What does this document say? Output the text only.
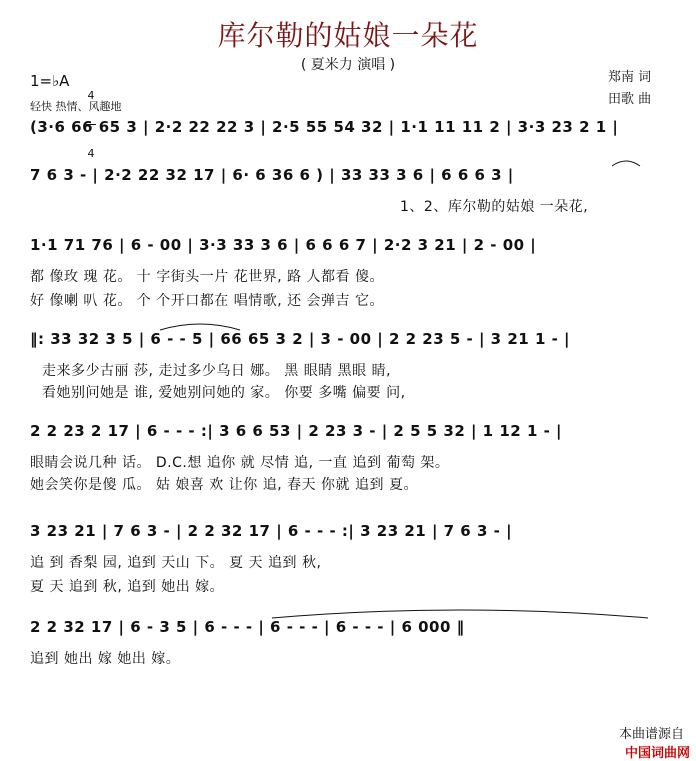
库尔勒的姑娘一朵花
( 夏米力 演唱 )
郑南 词
田歌 曲
1=♭A

4

4

轻快 热情、风趣地
(3·6 66 65 3 | 2·2 22 22 3 | 2·5 55 54 32 | 1·1 11 11 2 | 3·3 23 2 1 |
7 6 3 - | 2·2 22 32 17 | 6· 6 36 6 ) | 33 33 3 6 | 6 6 6 3 |
1、2、库尔勒的姑娘 一朵花,
1·1 71 76 | 6 - 00 | 3·3 33 3 6 | 6 6 6 7 | 2·2 3 21 | 2 - 00 |
都 像玫 瑰 花。 十 字街头一片 花世界, 路 人都看 傻。
好 像喇 叭 花。 个 个开口都在 唱情歌, 还 会弹吉 它。
‖: 33 32 3 5 | 6 - - 5 | 66 65 3 2 | 3 - 00 | 2 2 23 5 - | 3 21 1 - |
走来多少古丽 莎, 走过多少乌日 娜。 黑 眼睛 黑眼 睛,
看她别问她是 谁, 爱她别问她的 家。 你要 多嘴 偏要 问,
2 2 23 2 17 | 6 - - - :| 3 6 6 53 | 2 23 3 - | 2 5 5 32 | 1 12 1 - |
眼睛会说几种 话。 D.C.想 追你 就 尽情 追, 一直 追到 葡萄 架。
她会笑你是傻 瓜。 姑 娘喜 欢 让你 追, 春天 你就 追到 夏。
3 23 21 | 7 6 3 - | 2 2 32 17 | 6 - - - :| 3 23 21 | 7 6 3 - |
追 到 香梨 园, 追到 天山 下。 夏 天 追到 秋,
夏 天 追到 秋, 追到 她出 嫁。
2 2 32 17 | 6 - 3 5 | 6 - - - | 6 - - - | 6 - - - | 6 000 ‖
追到 她出 嫁 她出 嫁。

本曲谱源自
中国词曲网
